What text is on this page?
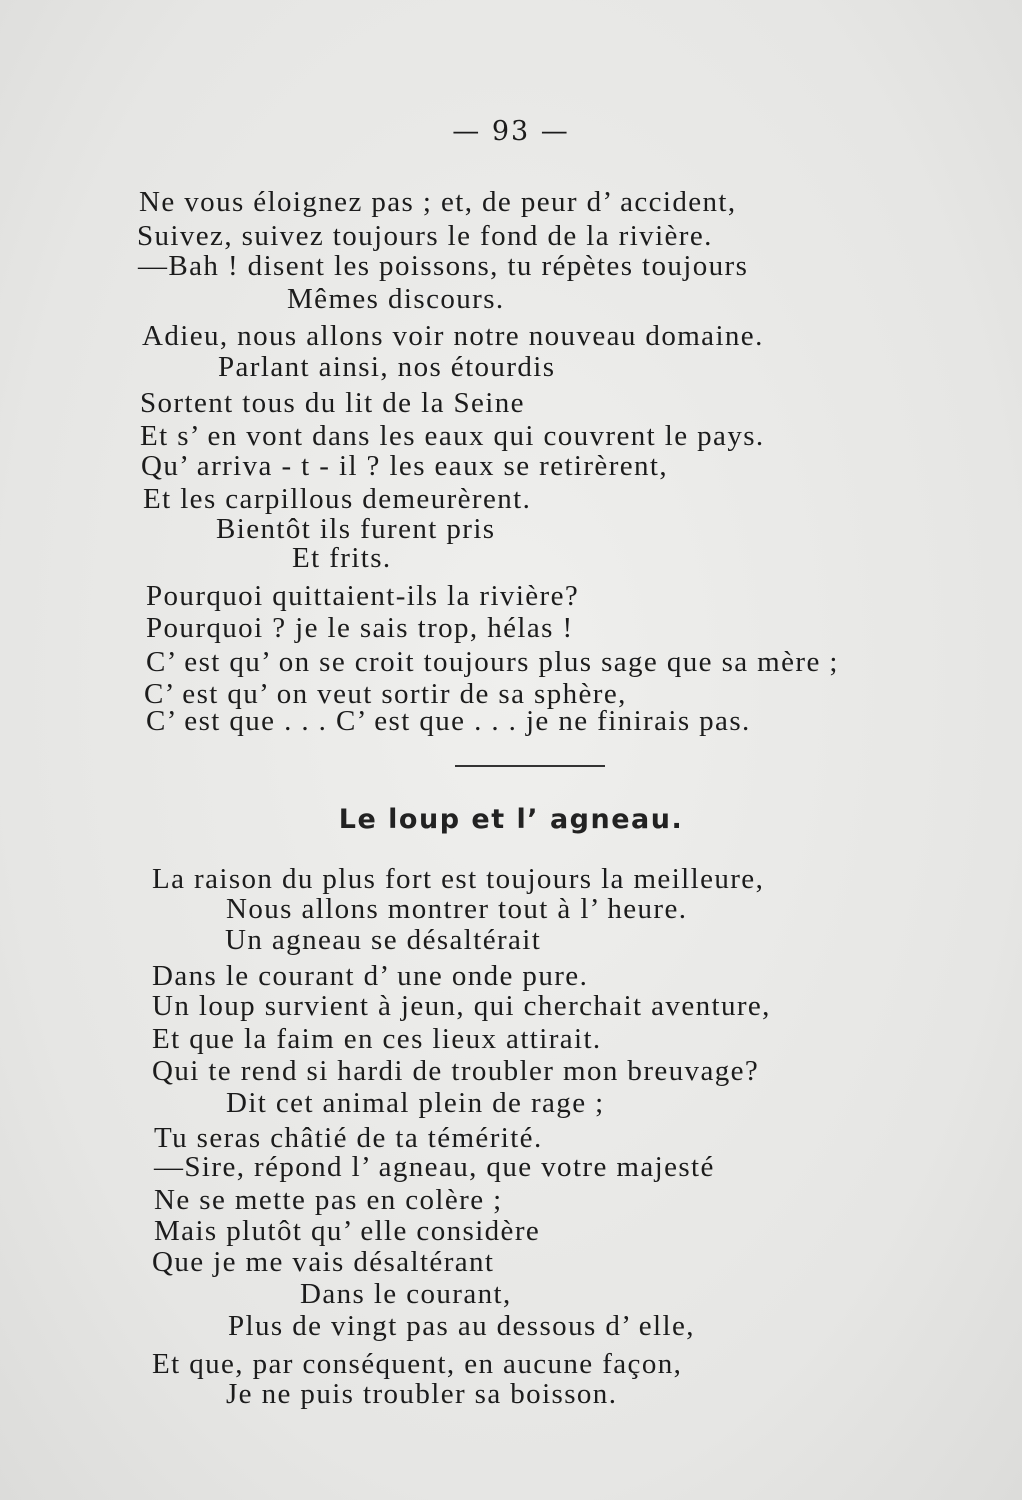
— 93 —
Ne vous éloignez pas ; et, de peur d’ accident,
Suivez, suivez toujours le fond de la rivière.
—Bah ! disent les poissons, tu répètes toujours
Mêmes discours.
Adieu, nous allons voir notre nouveau domaine.
Parlant ainsi, nos étourdis
Sortent tous du lit de la Seine
Et s’ en vont dans les eaux qui couvrent le pays.
Qu’ arriva - t - il ? les eaux se retirèrent,
Et les carpillous demeurèrent.
Bientôt ils furent pris
Et frits.
Pourquoi quittaient-ils la rivière?
Pourquoi ? je le sais trop, hélas !
C’ est qu’ on se croit toujours plus sage que sa mère ;
C’ est qu’ on veut sortir de sa sphère,
C’ est que . . . C’ est que . . . je ne finirais pas.
Le loup et l’ agneau.
La raison du plus fort est toujours la meilleure,
Nous allons montrer tout à l’ heure.
Un agneau se désaltérait
Dans le courant d’ une onde pure.
Un loup survient à jeun, qui cherchait aventure,
Et que la faim en ces lieux attirait.
Qui te rend si hardi de troubler mon breuvage?
Dit cet animal plein de rage ;
Tu seras châtié de ta témérité.
—Sire, répond l’ agneau, que votre majesté
Ne se mette pas en colère ;
Mais plutôt qu’ elle considère
Que je me vais désaltérant
Dans le courant,
Plus de vingt pas au dessous d’ elle,
Et que, par conséquent, en aucune façon,
Je ne puis troubler sa boisson.
